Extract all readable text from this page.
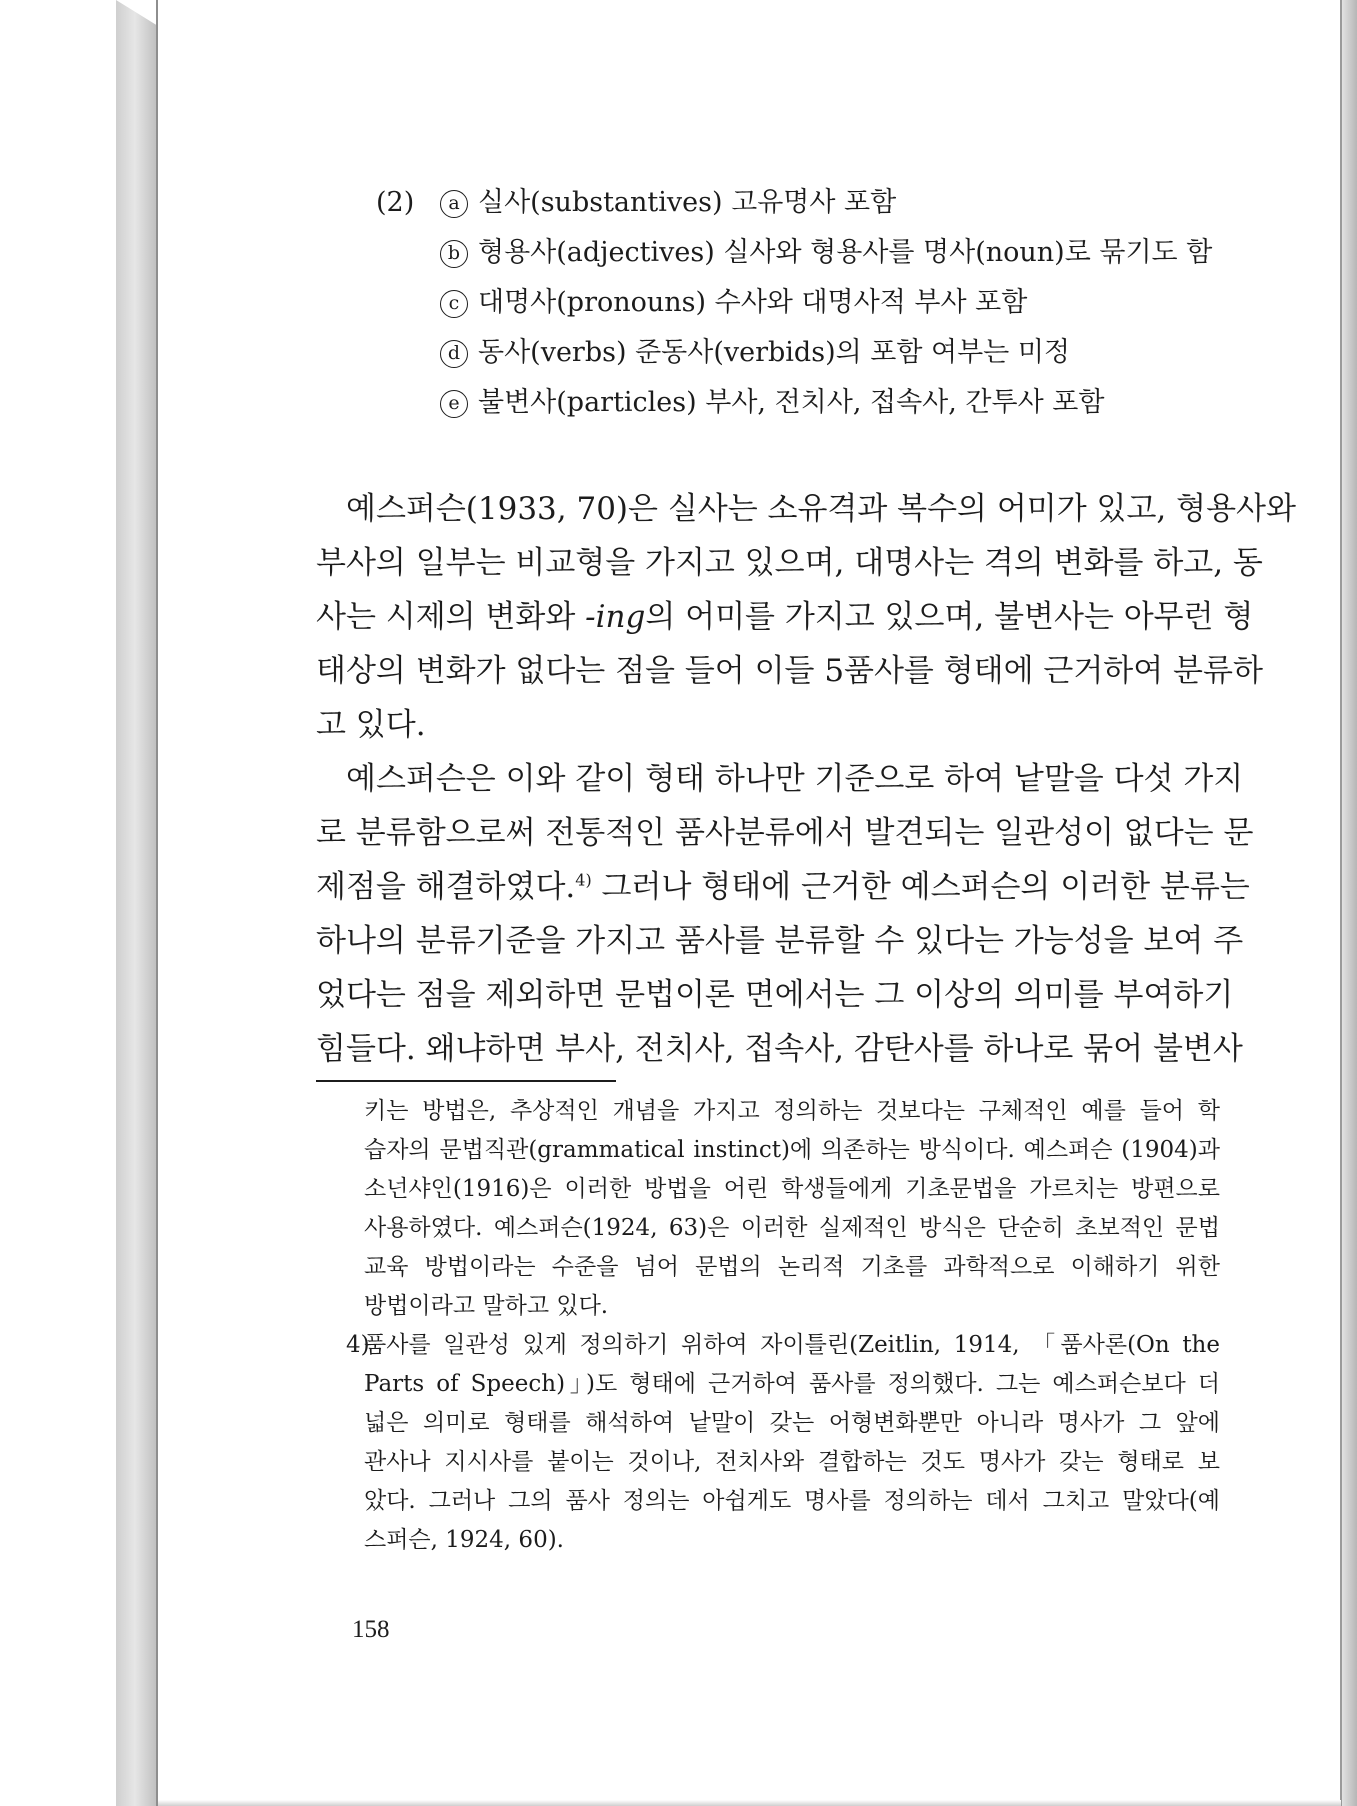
(2) a 실사(substantives) 고유명사 포함
b 형용사(adjectives) 실사와 형용사를 명사(noun)로 묶기도 함
c 대명사(pronouns) 수사와 대명사적 부사 포함
d 동사(verbs) 준동사(verbids)의 포함 여부는 미정
e 불변사(particles) 부사, 전치사, 접속사, 간투사 포함
예스퍼슨(1933, 70)은 실사는 소유격과 복수의 어미가 있고, 형용사와
부사의 일부는 비교형을 가지고 있으며, 대명사는 격의 변화를 하고, 동
사는 시제의 변화와 -ing의 어미를 가지고 있으며, 불변사는 아무런 형
태상의 변화가 없다는 점을 들어 이들 5품사를 형태에 근거하여 분류하
고 있다.
예스퍼슨은 이와 같이 형태 하나만 기준으로 하여 낱말을 다섯 가지
로 분류함으로써 전통적인 품사분류에서 발견되는 일관성이 없다는 문
제점을 해결하였다.$^{4)}$ 그러나 형태에 근거한 예스퍼슨의 이러한 분류는
하나의 분류기준을 가지고 품사를 분류할 수 있다는 가능성을 보여 주
었다는 점을 제외하면 문법이론 면에서는 그 이상의 의미를 부여하기
힘들다. 왜냐하면 부사, 전치사, 접속사, 감탄사를 하나로 묶어 불변사
키는 방법은, 추상적인 개념을 가지고 정의하는 것보다는 구체적인 예를 들어 학
습자의 문법직관(grammatical instinct)에 의존하는 방식이다. 예스퍼슨 (1904)과
소넌샤인(1916)은 이러한 방법을 어린 학생들에게 기초문법을 가르치는 방편으로
사용하였다. 예스퍼슨(1924, 63)은 이러한 실제적인 방식은 단순히 초보적인 문법
교육 방법이라는 수준을 넘어 문법의 논리적 기초를 과학적으로 이해하기 위한
방법이라고 말하고 있다.
4)품사를 일관성 있게 정의하기 위하여 자이틀린(Zeitlin, 1914, 「품사론(On the
Parts of Speech)」)도 형태에 근거하여 품사를 정의했다. 그는 예스퍼슨보다 더
넓은 의미로 형태를 해석하여 낱말이 갖는 어형변화뿐만 아니라 명사가 그 앞에
관사나 지시사를 붙이는 것이나, 전치사와 결합하는 것도 명사가 갖는 형태로 보
았다. 그러나 그의 품사 정의는 아쉽게도 명사를 정의하는 데서 그치고 말았다(예
스퍼슨, 1924, 60).
158
